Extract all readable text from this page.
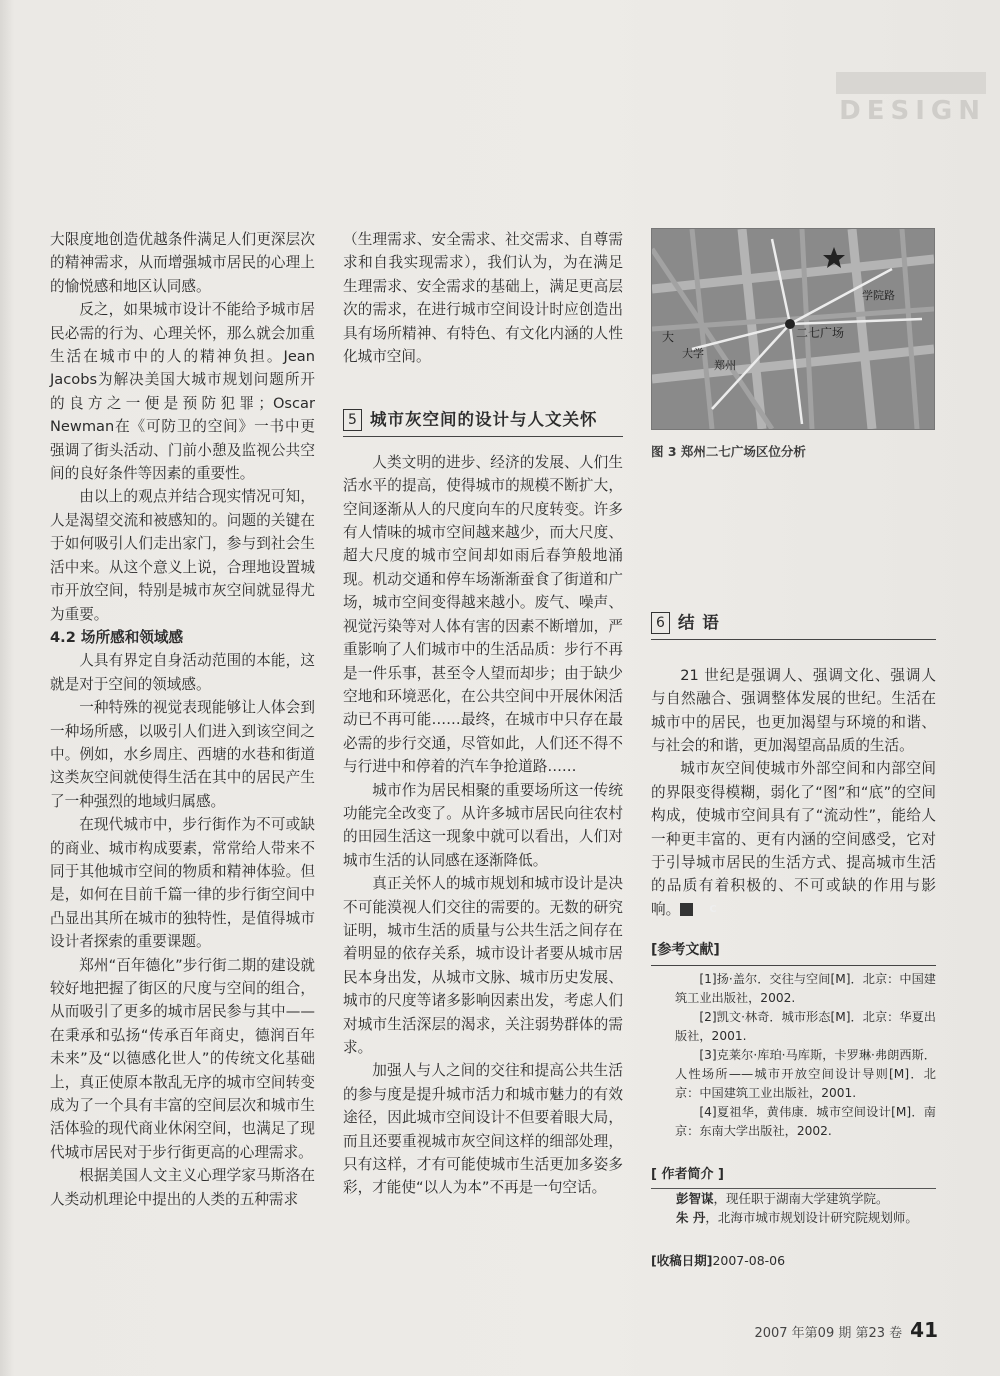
DESIGN

大限度地创造优越条件满足人们更深层次的精神需求，从而增强城市居民的心理上的愉悦感和地区认同感。

反之，如果城市设计不能给予城市居民必需的行为、心理关怀，那么就会加重生活在城市中的人的精神负担。Jean Jacobs为解决美国大城市规划问题所开的良方之一便是预防犯罪；Oscar Newman在《可防卫的空间》一书中更强调了街头活动、门前小憩及监视公共空间的良好条件等因素的重要性。

由以上的观点并结合现实情况可知，人是渴望交流和被感知的。问题的关键在于如何吸引人们走出家门，参与到社会生活中来。从这个意义上说，合理地设置城市开放空间，特别是城市灰空间就显得尤为重要。

4.2 场所感和领域感

人具有界定自身活动范围的本能，这就是对于空间的领域感。

一种特殊的视觉表现能够让人体会到一种场所感，以吸引人们进入到该空间之中。例如，水乡周庄、西塘的水巷和街道这类灰空间就使得生活在其中的居民产生了一种强烈的地域归属感。

在现代城市中，步行街作为不可或缺的商业、城市构成要素，常常给人带来不同于其他城市空间的物质和精神体验。但是，如何在目前千篇一律的步行街空间中凸显出其所在城市的独特性，是值得城市设计者探索的重要课题。

郑州“百年德化”步行街二期的建设就较好地把握了街区的尺度与空间的组合，从而吸引了更多的城市居民参与其中——在秉承和弘扬“传承百年商史，德润百年未来”及“以德感化世人”的传统文化基础上，真正使原本散乱无序的城市空间转变成为了一个具有丰富的空间层次和城市生活体验的现代商业休闲空间，也满足了现代城市居民对于步行街更高的心理需求。

根据美国人文主义心理学家马斯洛在人类动机理论中提出的人类的五种需求

（生理需求、安全需求、社交需求、自尊需求和自我实现需求），我们认为，为在满足生理需求、安全需求的基础上，满足更高层次的需求，在进行城市空间设计时应创造出具有场所精神、有特色、有文化内涵的人性化城市空间。

5 城市灰空间的设计与人文关怀

人类文明的进步、经济的发展、人们生活水平的提高，使得城市的规模不断扩大，空间逐渐从人的尺度向车的尺度转变。许多有人情味的城市空间越来越少，而大尺度、超大尺度的城市空间却如雨后春笋般地涌现。机动交通和停车场渐渐蚕食了街道和广场，城市空间变得越来越小。废气、噪声、视觉污染等对人体有害的因素不断增加，严重影响了人们城市中的生活品质：步行不再是一件乐事，甚至令人望而却步；由于缺少空地和环境恶化，在公共空间中开展休闲活动已不再可能……最终，在城市中只存在最必需的步行交通，尽管如此，人们还不得不与行进中和停着的汽车争抢道路……

城市作为居民相聚的重要场所这一传统功能完全改变了。从许多城市居民向往农村的田园生活这一现象中就可以看出，人们对城市生活的认同感在逐渐降低。

真正关怀人的城市规划和城市设计是决不可能漠视人们交往的需要的。无数的研究证明，城市生活的质量与公共生活之间存在着明显的依存关系，城市设计者要从城市居民本身出发，从城市文脉、城市历史发展、城市的尺度等诸多影响因素出发，考虑人们对城市生活深层的渴求，关注弱势群体的需求。

加强人与人之间的交往和提高公共生活的参与度是提升城市活力和城市魅力的有效途径，因此城市空间设计不但要着眼大局，而且还要重视城市灰空间这样的细部处理，只有这样，才有可能使城市生活更加多姿多彩，才能使“以人为本”不再是一句空话。

大	二七广场
郑州
大学
学院路
图 3 郑州二七广场区位分析
6 结 语

21 世纪是强调人、强调文化、强调人与自然融合、强调整体发展的世纪。生活在城市中的居民，也更加渴望与环境的和谐、与社会的和谐，更加渴望高品质的生活。

城市灰空间使城市外部空间和内部空间的界限变得模糊，弱化了“图”和“底”的空间构成，使城市空间具有了“流动性”，能给人一种更丰富的、更有内涵的空间感受，它对于引导城市居民的生活方式、提高城市生活的品质有着积极的、不可或缺的作用与影响。	C

[参考文献]

[1]扬·盖尔．交往与空间[M]．北京：中国建筑工业出版社，2002.

[2]凯文·林奇．城市形态[M]．北京：华夏出版社，2001.

[3]克莱尔·库珀·马库斯，卡罗琳·弗朗西斯．人性场所——城市开放空间设计导则[M]．北京：中国建筑工业出版社，2001.

[4]夏祖华，黄伟康．城市空间设计[M]．南京：东南大学出版社，2002.

[ 作者简介 ]

彭智谋，现任职于湖南大学建筑学院。

朱 丹，北海市城市规划设计研究院规划师。

[收稿日期]2007-08-06
2007 年第09 期 第23 卷 41
